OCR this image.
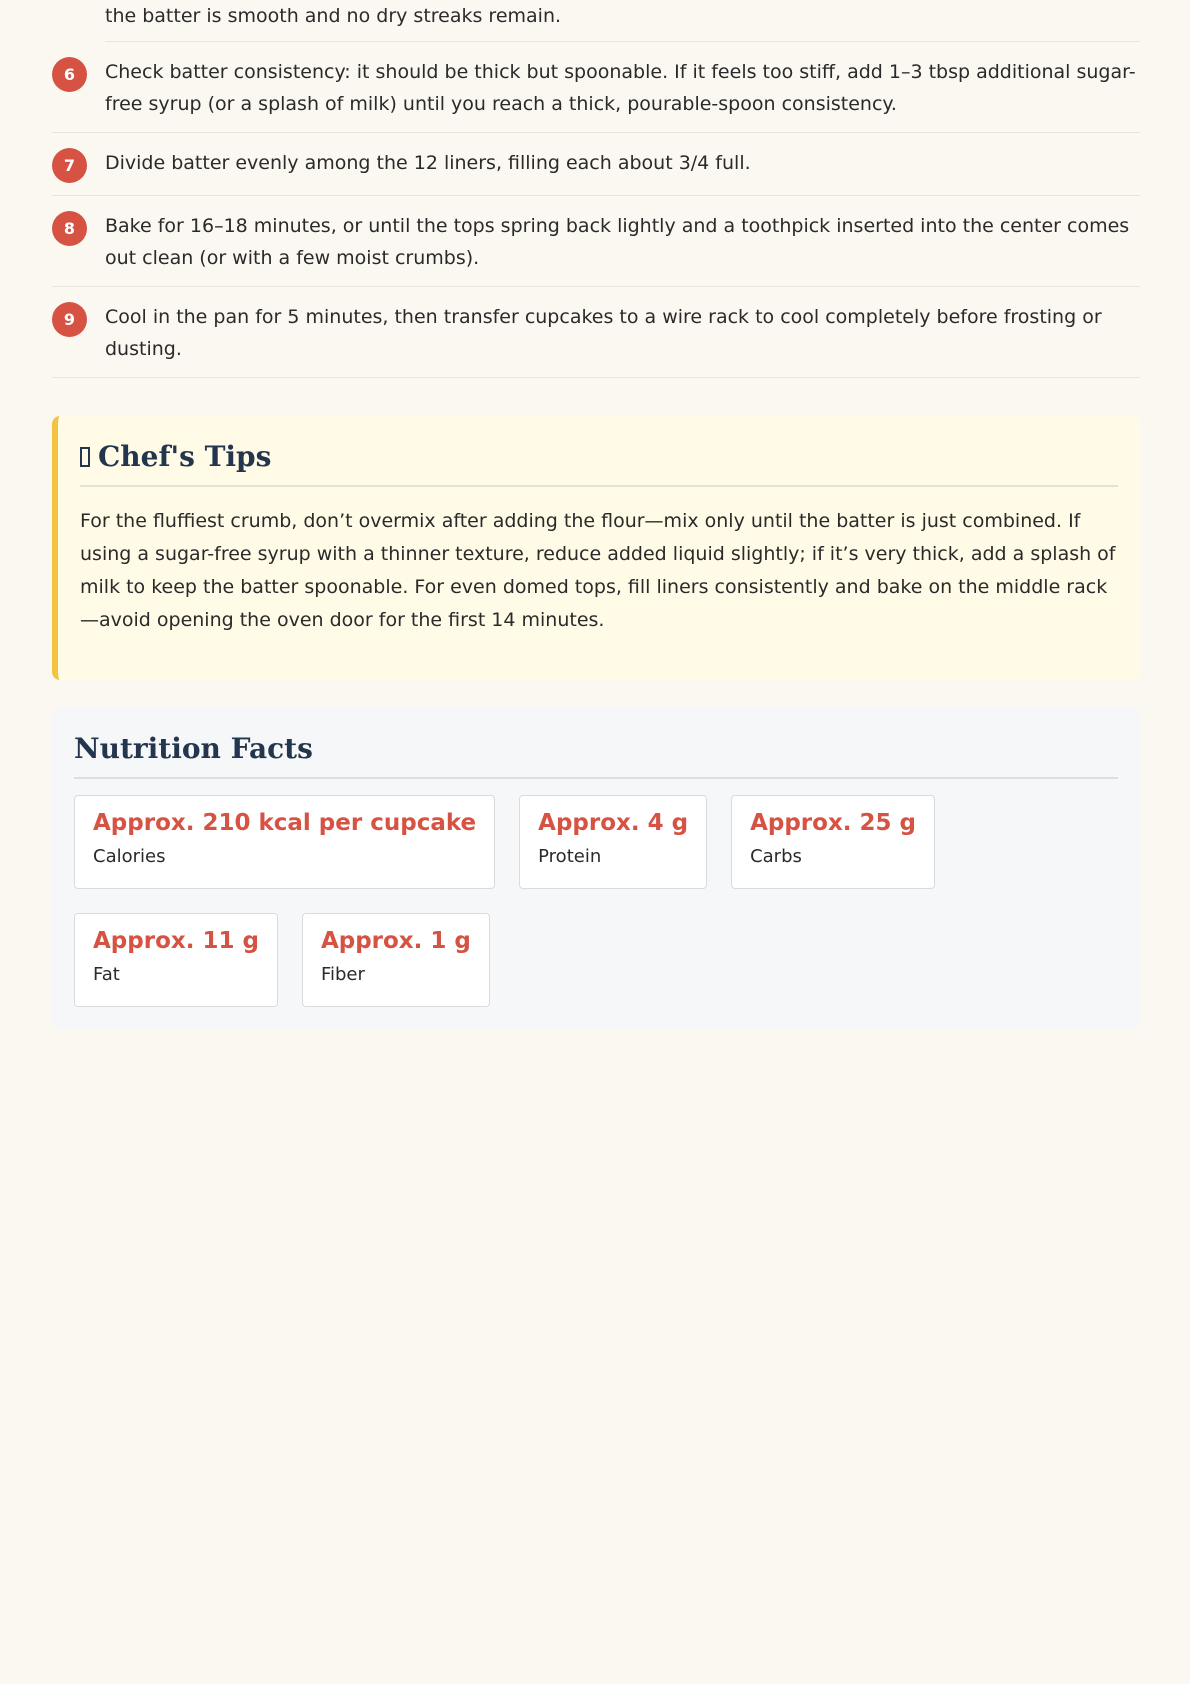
the batter is smooth and no dry streaks remain.
6	Check batter consistency: it should be thick but spoonable. If it feels too stiff, add 1–3 tbsp additional sugar-free syrup (or a splash of milk) until you reach a thick, pourable-spoon consistency.
7	Divide batter evenly among the 12 liners, filling each about 3/4 full.
8	Bake for 16–18 minutes, or until the tops spring back lightly and a toothpick inserted into the center comes out clean (or with a few moist crumbs).
9	Cool in the pan for 5 minutes, then transfer cupcakes to a wire rack to cool completely before frosting or dusting.
Chef's Tips

For the fluffiest crumb, don’t overmix after adding the flour—mix only until the batter is just combined. If using a sugar-free syrup with a thinner texture, reduce added liquid slightly; if it’s very thick, add a splash of milk to keep the batter spoonable. For even domed tops, fill liners consistently and bake on the middle rack—avoid opening the oven door for the first 14 minutes.

Nutrition Facts
Approx. 210 kcal per cupcake
Calories
Approx. 4 g
Protein
Approx. 25 g
Carbs
Approx. 11 g
Fat
Approx. 1 g
Fiber
